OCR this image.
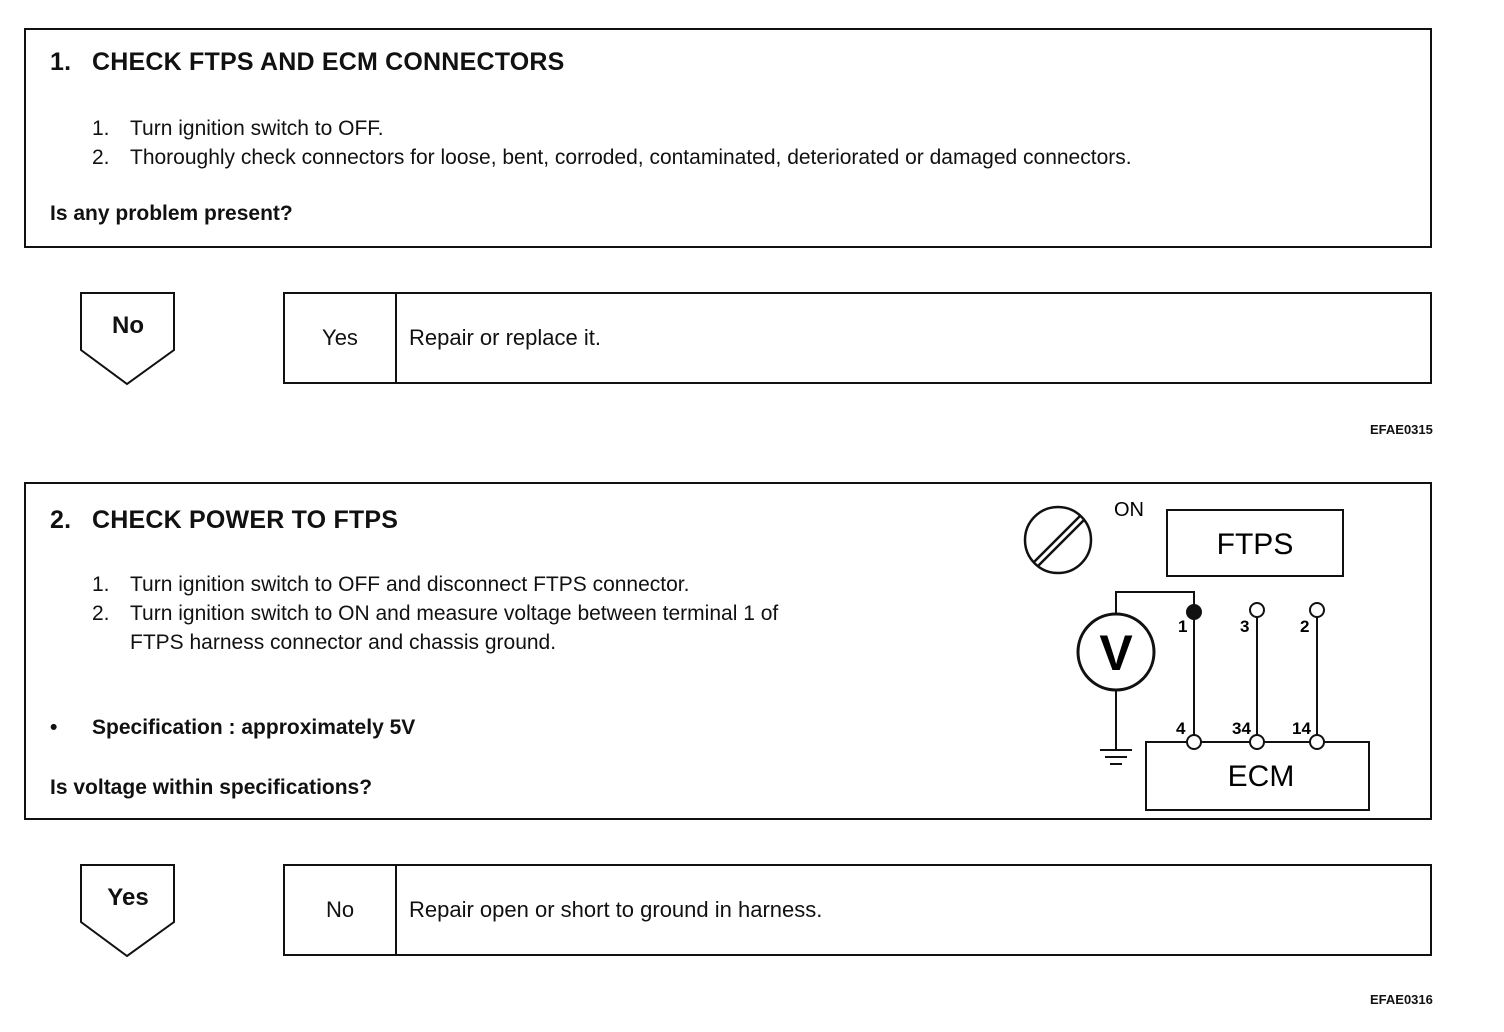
1. CHECK FTPS AND ECM CONNECTORS
1. Turn ignition switch to OFF.
2. Thoroughly check connectors for loose, bent, corroded, contaminated, deteriorated or damaged connectors.
Is any problem present?
No	Yes	Repair or replace it.
EFAE0315
2. CHECK POWER TO FTPS
1. Turn ignition switch to OFF and disconnect FTPS connector.
2. Turn ignition switch to ON and measure voltage between terminal 1 of
FTPS harness connector and chassis ground.
• Specification : approximately 5V
Is voltage within specifications?
ON
FTPS
V	1	3	2
ECM
4	34 14
Yes	No	Repair open or short to ground in harness.
EFAE0316
